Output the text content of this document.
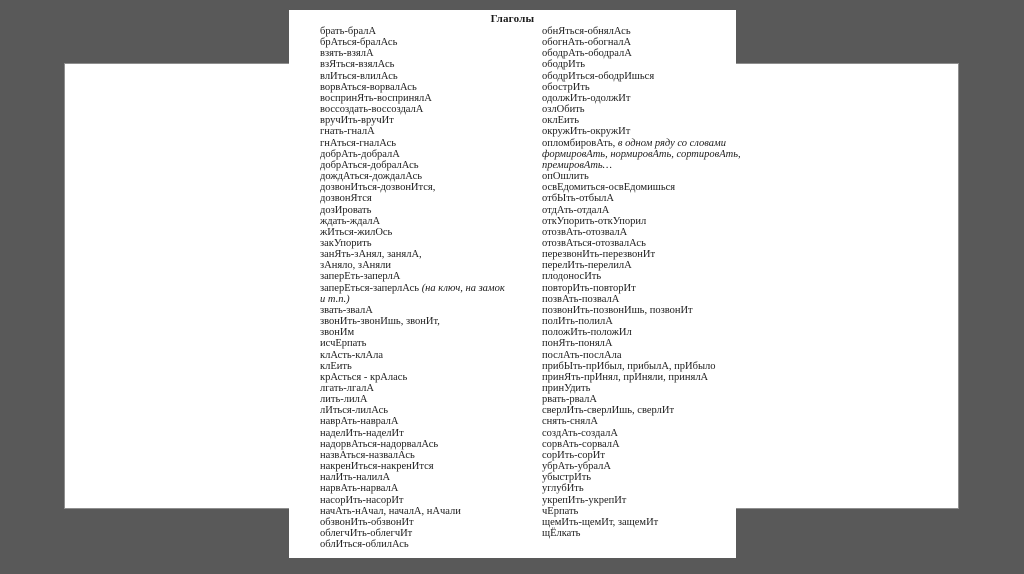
Глаголы
брать-бралА
брАться-бралАсь
взять-взялА
взЯться-взялАсь
влИться-влилАсь
ворвАться-ворвалАсь
воспринЯть-воспринялА
воссоздать-воссоздалА
вручИть-вручИт
гнать-гналА
гнАться-гналАсь
добрАть-добралА
добрАться-добралАсь
дождАться-дождалАсь
дозвонИться-дозвонИтся,
дозвонЯтся
дозИровать
ждать-ждалА
жИться-жилОсь
закУпорить
занЯть-зАнял, занялА,
зАняло, зАняли
заперЕть-заперлА
заперЕться-заперлАсь (на ключ, на замок
и т.п.)
звать-звалА
звонИть-звонИшь, звонИт,
звонИм
исчЕрпать
клАсть-клАла
клЕить
крАсться - крАлась
лгать-лгалА
лить-лилА
лИться-лилАсь
наврАть-навралА
наделИть-наделИт
надорвАться-надорвалАсь
назвАться-назвалАсь
накренИться-накренИтся
налИть-налилА
нарвАть-нарвалА
насорИть-насорИт
начАть-нАчал, началА, нАчали
обзвонИть-обзвонИт
облегчИть-облегчИт
облИться-облилАсь
обнЯться-обнялАсь
обогнАть-обогналА
ободрАть-ободралА
ободрИть
ободрИться-ободрИшься
обострИть
одолжИть-одолжИт
озлОбить
оклЕить
окружИть-окружИт
опломбировАть, в одном ряду со словами
формировАть, нормировАть, сортировАть,
премировАть…
опОшлить
освЕдомиться-освЕдомишься
отбЫть-отбылА
отдАть-отдалА
откУпорить-откУпорил
отозвАть-отозвалА
отозвАться-отозвалАсь
перезвонИть-перезвонИт
перелИть-перелилА
плодоносИть
повторИть-повторИт
позвАть-позвалА
позвонИть-позвонИшь, позвонИт
полИть-полилА
положИть-положИл
понЯть-понялА
послАть-послАла
прибЫть-прИбыл, прибылА, прИбыло
принЯть-прИнял, прИняли, принялА
принУдить
рвать-рвалА
сверлИть-сверлИшь, сверлИт
снять-снялА
создАть-создалА
сорвАть-сорвалА
сорИть-сорИт
убрАть-убралА
убыстрИть
углубИть
укрепИть-укрепИт
чЕрпать
щемИть-щемИт, защемИт
щЁлкать
